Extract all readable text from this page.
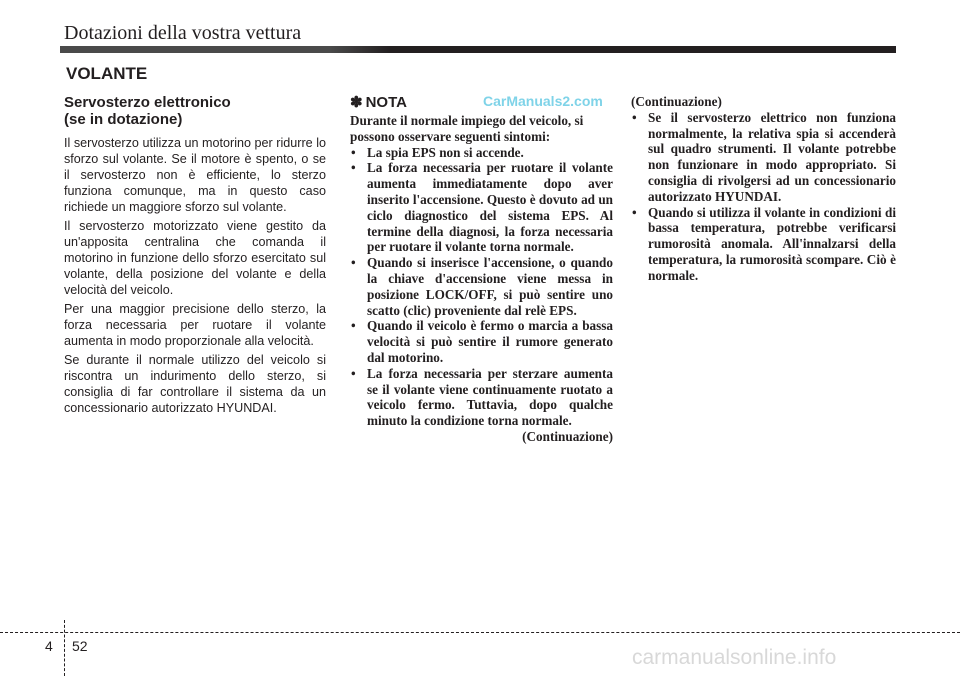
Dotazioni della vostra vettura
VOLANTE
Servosterzo elettronico
(se in dotazione)

Il servosterzo utilizza un motorino per ridurre lo sforzo sul volante. Se il motore è spento, o se il servosterzo non è efficiente, lo sterzo funziona comunque, ma in questo caso richiede un maggiore sforzo sul volante.

Il servosterzo motorizzato viene gestito da un'apposita centralina che comanda il motorino in funzione dello sforzo esercitato sul volante, della posizione del volante e della velocità del veicolo.

Per una maggior precisione dello sterzo, la forza necessaria per ruotare il volante aumenta in modo proporzionale alla velocità.

Se durante il normale utilizzo del veicolo si riscontra un indurimento dello sterzo, si consiglia di far controllare il sistema da un concessionario autorizzato HYUNDAI.

✽ NOTA
Durante il normale impiego del veicolo, si possono osservare seguenti sintomi:
• La spia EPS non si accende.
• La forza necessaria per ruotare il volante aumenta immediatamente dopo aver inserito l'accensione. Questo è dovuto ad un ciclo diagnostico del sistema EPS. Al termine della diagnosi, la forza necessaria per ruotare il volante torna normale.
• Quando si inserisce l'accensione, o quando la chiave d'accensione viene messa in posizione LOCK/OFF, si può sentire uno scatto (clic) proveniente dal relè EPS.
• Quando il veicolo è fermo o marcia a bassa velocità si può sentire il rumore generato dal motorino.
• La forza necessaria per sterzare aumenta se il volante viene continuamente ruotato a veicolo fermo. Tuttavia, dopo qualche minuto la condizione torna normale.
(Continuazione)
CarManuals2.com (Continuazione)
• Se il servosterzo elettrico non funziona normalmente, la relativa spia si accenderà sul quadro strumenti. Il volante potrebbe non funzionare in modo appropriato. Si consiglia di rivolgersi ad un concessionario autorizzato HYUNDAI.
• Quando si utilizza il volante in condizioni di bassa temperatura, potrebbe verificarsi rumorosità anomala. All'innalzarsi della temperatura, la rumorosità scompare. Ciò è normale.
4 52	carmanualsonline.info
